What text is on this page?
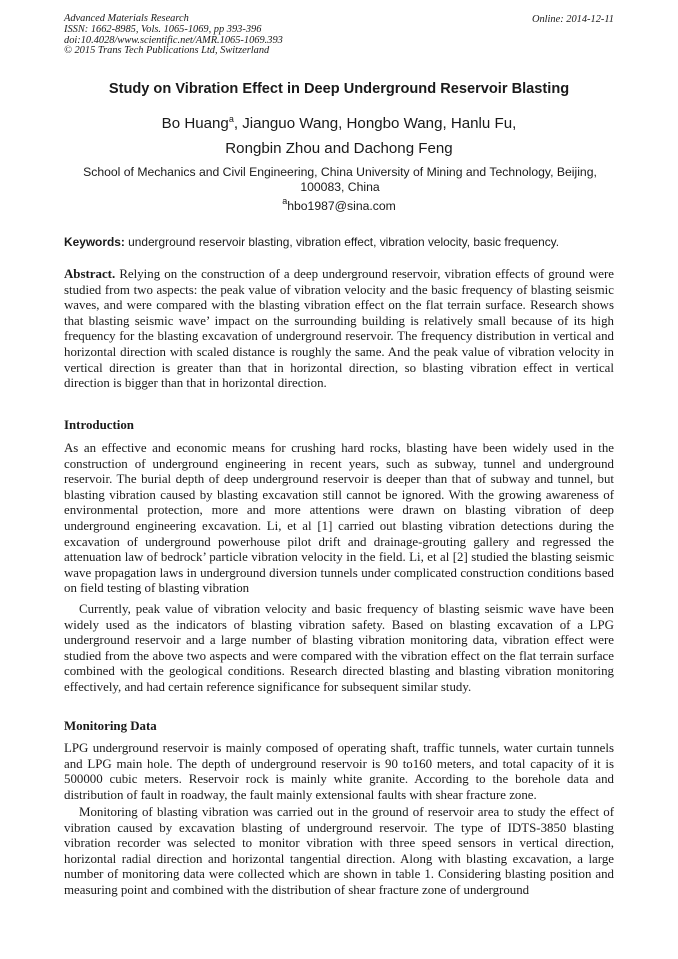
Advanced Materials Research
ISSN: 1662-8985, Vols. 1065-1069, pp 393-396
doi:10.4028/www.scientific.net/AMR.1065-1069.393
© 2015 Trans Tech Publications Ltd, Switzerland
Online: 2014-12-11
Study on Vibration Effect in Deep Underground Reservoir Blasting
Bo Huang$^a$, Jianguo Wang, Hongbo Wang, Hanlu Fu,
Rongbin Zhou and Dachong Feng
School of Mechanics and Civil Engineering, China University of Mining and Technology, Beijing, 100083, China
$^a$hbo1987@sina.com
Keywords: underground reservoir blasting, vibration effect, vibration velocity, basic frequency.
Abstract. Relying on the construction of a deep underground reservoir, vibration effects of ground were studied from two aspects: the peak value of vibration velocity and the basic frequency of blasting seismic waves, and were compared with the blasting vibration effect on the flat terrain surface. Research shows that blasting seismic wave’ impact on the surrounding building is relatively small because of its high frequency for the blasting excavation of underground reservoir. The frequency distribution in vertical and horizontal direction with scaled distance is roughly the same. And the peak value of vibration velocity in vertical direction is greater than that in horizontal direction, so blasting vibration effect in vertical direction is bigger than that in horizontal direction.
Introduction
As an effective and economic means for crushing hard rocks, blasting have been widely used in the construction of underground engineering in recent years, such as subway, tunnel and underground reservoir. The burial depth of deep underground reservoir is deeper than that of subway and tunnel, but blasting vibration caused by blasting excavation still cannot be ignored. With the growing awareness of environmental protection, more and more attentions were drawn on blasting vibration of deep underground engineering excavation. Li, et al [1] carried out blasting vibration detections during the excavation of underground powerhouse pilot drift and drainage-grouting gallery and regressed the attenuation law of bedrock’ particle vibration velocity in the field. Li, et al [2] studied the blasting seismic wave propagation laws in underground diversion tunnels under complicated construction conditions based on field testing of blasting vibration
Currently, peak value of vibration velocity and basic frequency of blasting seismic wave have been widely used as the indicators of blasting vibration safety. Based on blasting excavation of a LPG underground reservoir and a large number of blasting vibration monitoring data, vibration effect were studied from the above two aspects and were compared with the vibration effect on the flat terrain surface combined with the geological conditions. Research directed blasting and blasting vibration monitoring effectively, and had certain reference significance for subsequent similar study.
Monitoring Data
LPG underground reservoir is mainly composed of operating shaft, traffic tunnels, water curtain tunnels and LPG main hole. The depth of underground reservoir is 90 to160 meters, and total capacity of it is 500000 cubic meters. Reservoir rock is mainly white granite. According to the borehole data and distribution of fault in roadway, the fault mainly extensional faults with shear fracture zone.
Monitoring of blasting vibration was carried out in the ground of reservoir area to study the effect of vibration caused by excavation blasting of underground reservoir. The type of IDTS-3850 blasting vibration recorder was selected to monitor vibration with three speed sensors in vertical direction, horizontal radial direction and horizontal tangential direction. Along with blasting excavation, a large number of monitoring data were collected which are shown in table 1. Considering blasting position and measuring point and combined with the distribution of shear fracture zone of underground
